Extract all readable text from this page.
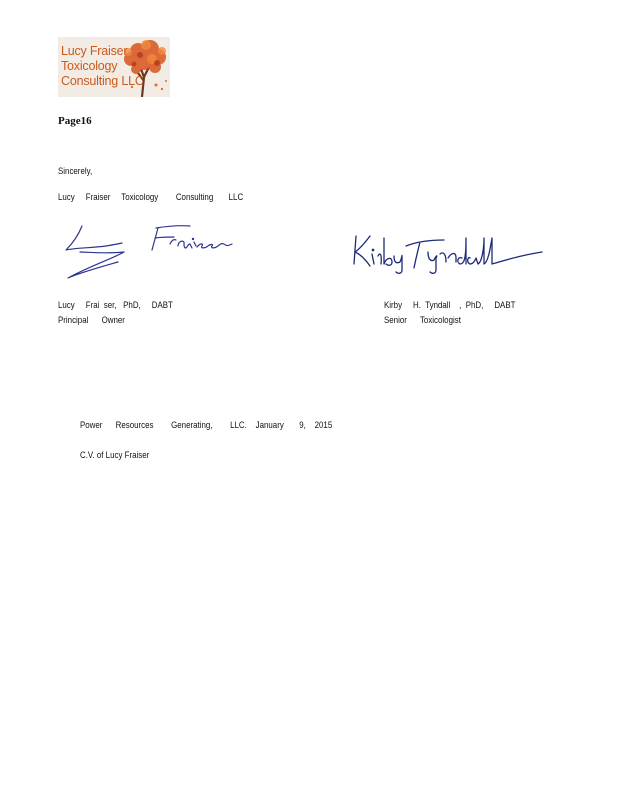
Lucy Fraiser
Toxicology
Consulting LLC
Page16
Sincerely,
Lucy     Fraiser     Toxicology        Consulting       LLC
Lucy     Frai  ser,   PhD,     DABT
Principal      Owner
Kirby     H.  Tyndall    ,  PhD,     DABT
Senior      Toxicologist
Power      Resources        Generating,        LLC.    January       9,    2015
C.V. of Lucy Fraiser
